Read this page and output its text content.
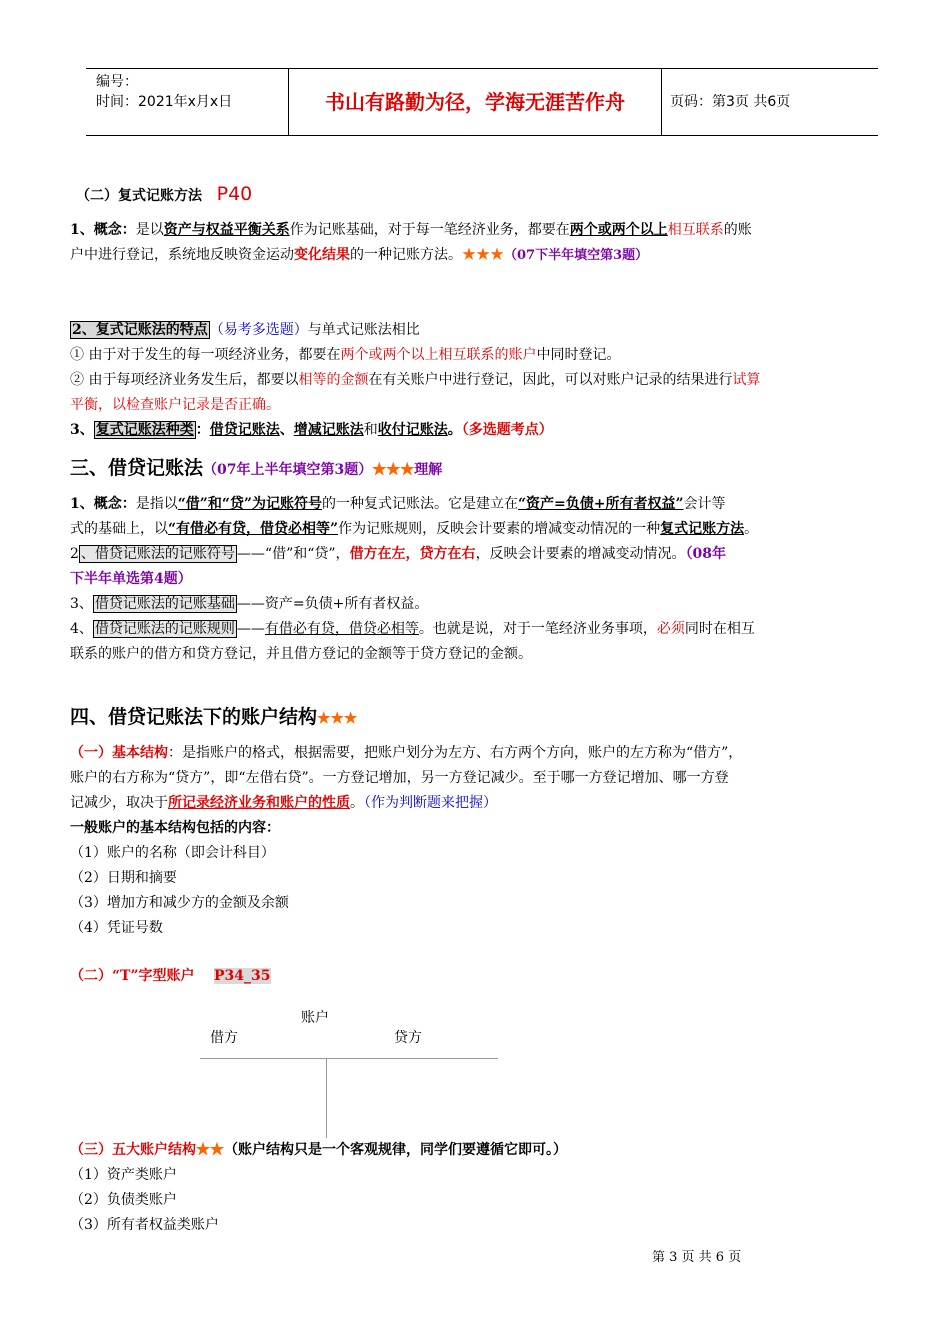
编号：
时间：2021年x月x日	书山有路勤为径，学海无涯苦作舟	页码：第3页 共6页

（二）复式记账方法 P40

1、概念：是以资产与权益平衡关系作为记账基础，对于每一笔经济业务，都要在两个或两个以上相互联系的账

户中进行登记，系统地反映资金运动变化结果的一种记账方法。★★★（07下半年填空第3题）

2、复式记账法的特点 （易考多选题）与单式记账法相比

① 由于对于发生的每一项经济业务，都要在两个或两个以上相互联系的账户中同时登记。

② 由于每项经济业务发生后，都要以相等的金额在有关账户中进行登记，因此，可以对账户记录的结果进行试算

平衡，以检查账户记录是否正确。

3、 复式记账法种类 ：借贷记账法、增减记账法和收付记账法。（多选题考点）

三、借贷记账法（07年上半年填空第3题）★★★理解

1、概念：是指以“借”和“贷”为记账符号的一种复式记账法。它是建立在“资产=负债+所有者权益”会计等

式的基础上，以“有借必有贷，借贷必相等”作为记账规则，反映会计要素的增减变动情况的一种复式记账方法。

2 、借贷记账法的记账符号 ——“借”和“贷”，借方在左，贷方在右，反映会计要素的增减变动情况。（08年

下半年单选第4题）

3、 借贷记账法的记账基础 ——资产=负债+所有者权益。

4、 借贷记账法的记账规则 ——有借必有贷，借贷必相等。也就是说，对于一笔经济业务事项，必须同时在相互

联系的账户的借方和贷方登记，并且借方登记的金额等于贷方登记的金额。

四、借贷记账法下的账户结构★★★

（一）基本结构：是指账户的格式，根据需要，把账户划分为左方、右方两个方向，账户的左方称为“借方”，

账户的右方称为“贷方”，即“左借右贷”。一方登记增加，另一方登记减少。至于哪一方登记增加、哪一方登

记减少，取决于所记录经济业务和账户的性质。（作为判断题来把握）

一般账户的基本结构包括的内容：

（1）账户的名称（即会计科目）

（2）日期和摘要

（3）增加方和减少方的金额及余额

（4）凭证号数

（二）“T”字型账户 P34_35

账户
借方	贷方

（三）五大账户结构★★（账户结构只是一个客观规律，同学们要遵循它即可。）

（1）资产类账户

（2）负债类账户

（3）所有者权益类账户

第 3 页 共 6 页
